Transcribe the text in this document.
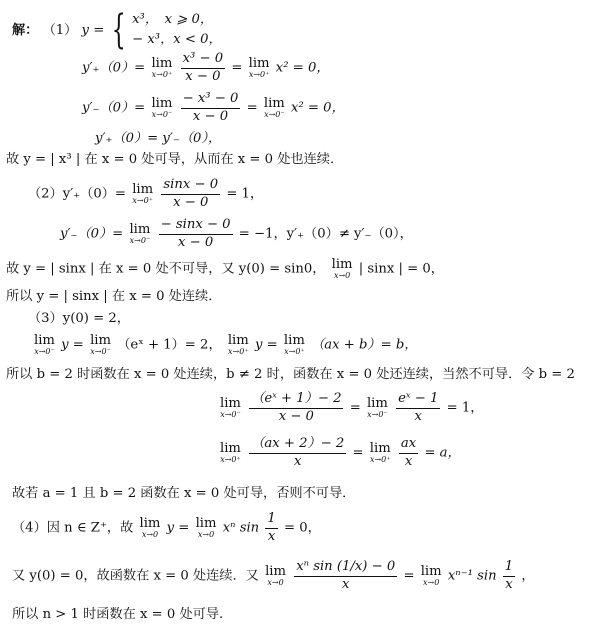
解： （1） y = { x³，　x ⩾ 0，
− x³，x < 0，
y′₊（0）= lim
x→0⁺
$\frac{\text{x³ − 0}}{x - 0} = \lim$
x→0⁺ x² = 0，
y′₋（0）= lim
x→0⁻
$\frac{\text{− x³ − 0}}{x - 0} = \lim$
x→0⁻ x² = 0，
y′₊（0）= y′₋（0），
故 y = | x³ | 在 x = 0 处可导，从而在 x = 0 处也连续．
（2）y′₊（0）= lim
x→0⁺
$\frac{\sin x - 0}{x - 0} = 1$，
y′₋（0）= lim
x→0⁻
$\frac{- \sin x - 0}{x - 0} = -1$，y′₊（0）≠ y′₋（0），
故 y = | sinx | 在 x = 0 处不可导，又 y(0) = sin0， lim
x→0 | sinx | = 0，
所以 y = | sinx | 在 x = 0 处连续．
（3）y(0) = 2，
lim
x→0⁻ y = lim
x→0⁻ （eˣ + 1）= 2， lim
x→0⁺ y = lim
x→0⁺ （ax + b）= b，
所以 b = 2 时函数在 x = 0 处连续，b ≠ 2 时，函数在 x = 0 处还连续，当然不可导．令 b = 2
lim
x→0⁻
$\frac{\text{（eˣ + 1）− 2}}{x - 0} = \lim$
x→0⁻
$\frac{\text{eˣ − 1}}{x} = 1$，
lim
x→0⁺
$\frac{(ax + 2)- 2}{x} = \lim$
x→0⁺
$\frac{ax}{x} = a$，
故若 a = 1 且 b = 2 函数在 x = 0 处可导，否则不可导．
（4）因 n ∈ Z⁺，故 lim
x→0 y = lim
x→0 xⁿ $\sin \frac{1}{x} = 0$，
又 y(0) = 0，故函数在 x = 0 处连续．又 lim
x→0
$\frac{\text{xⁿ sin (1/x) − 0}}{x} = \lim$
x→0 xⁿ⁻¹ $\sin \frac{1}{x}$ ，
所以 n > 1 时函数在 x = 0 处可导.
